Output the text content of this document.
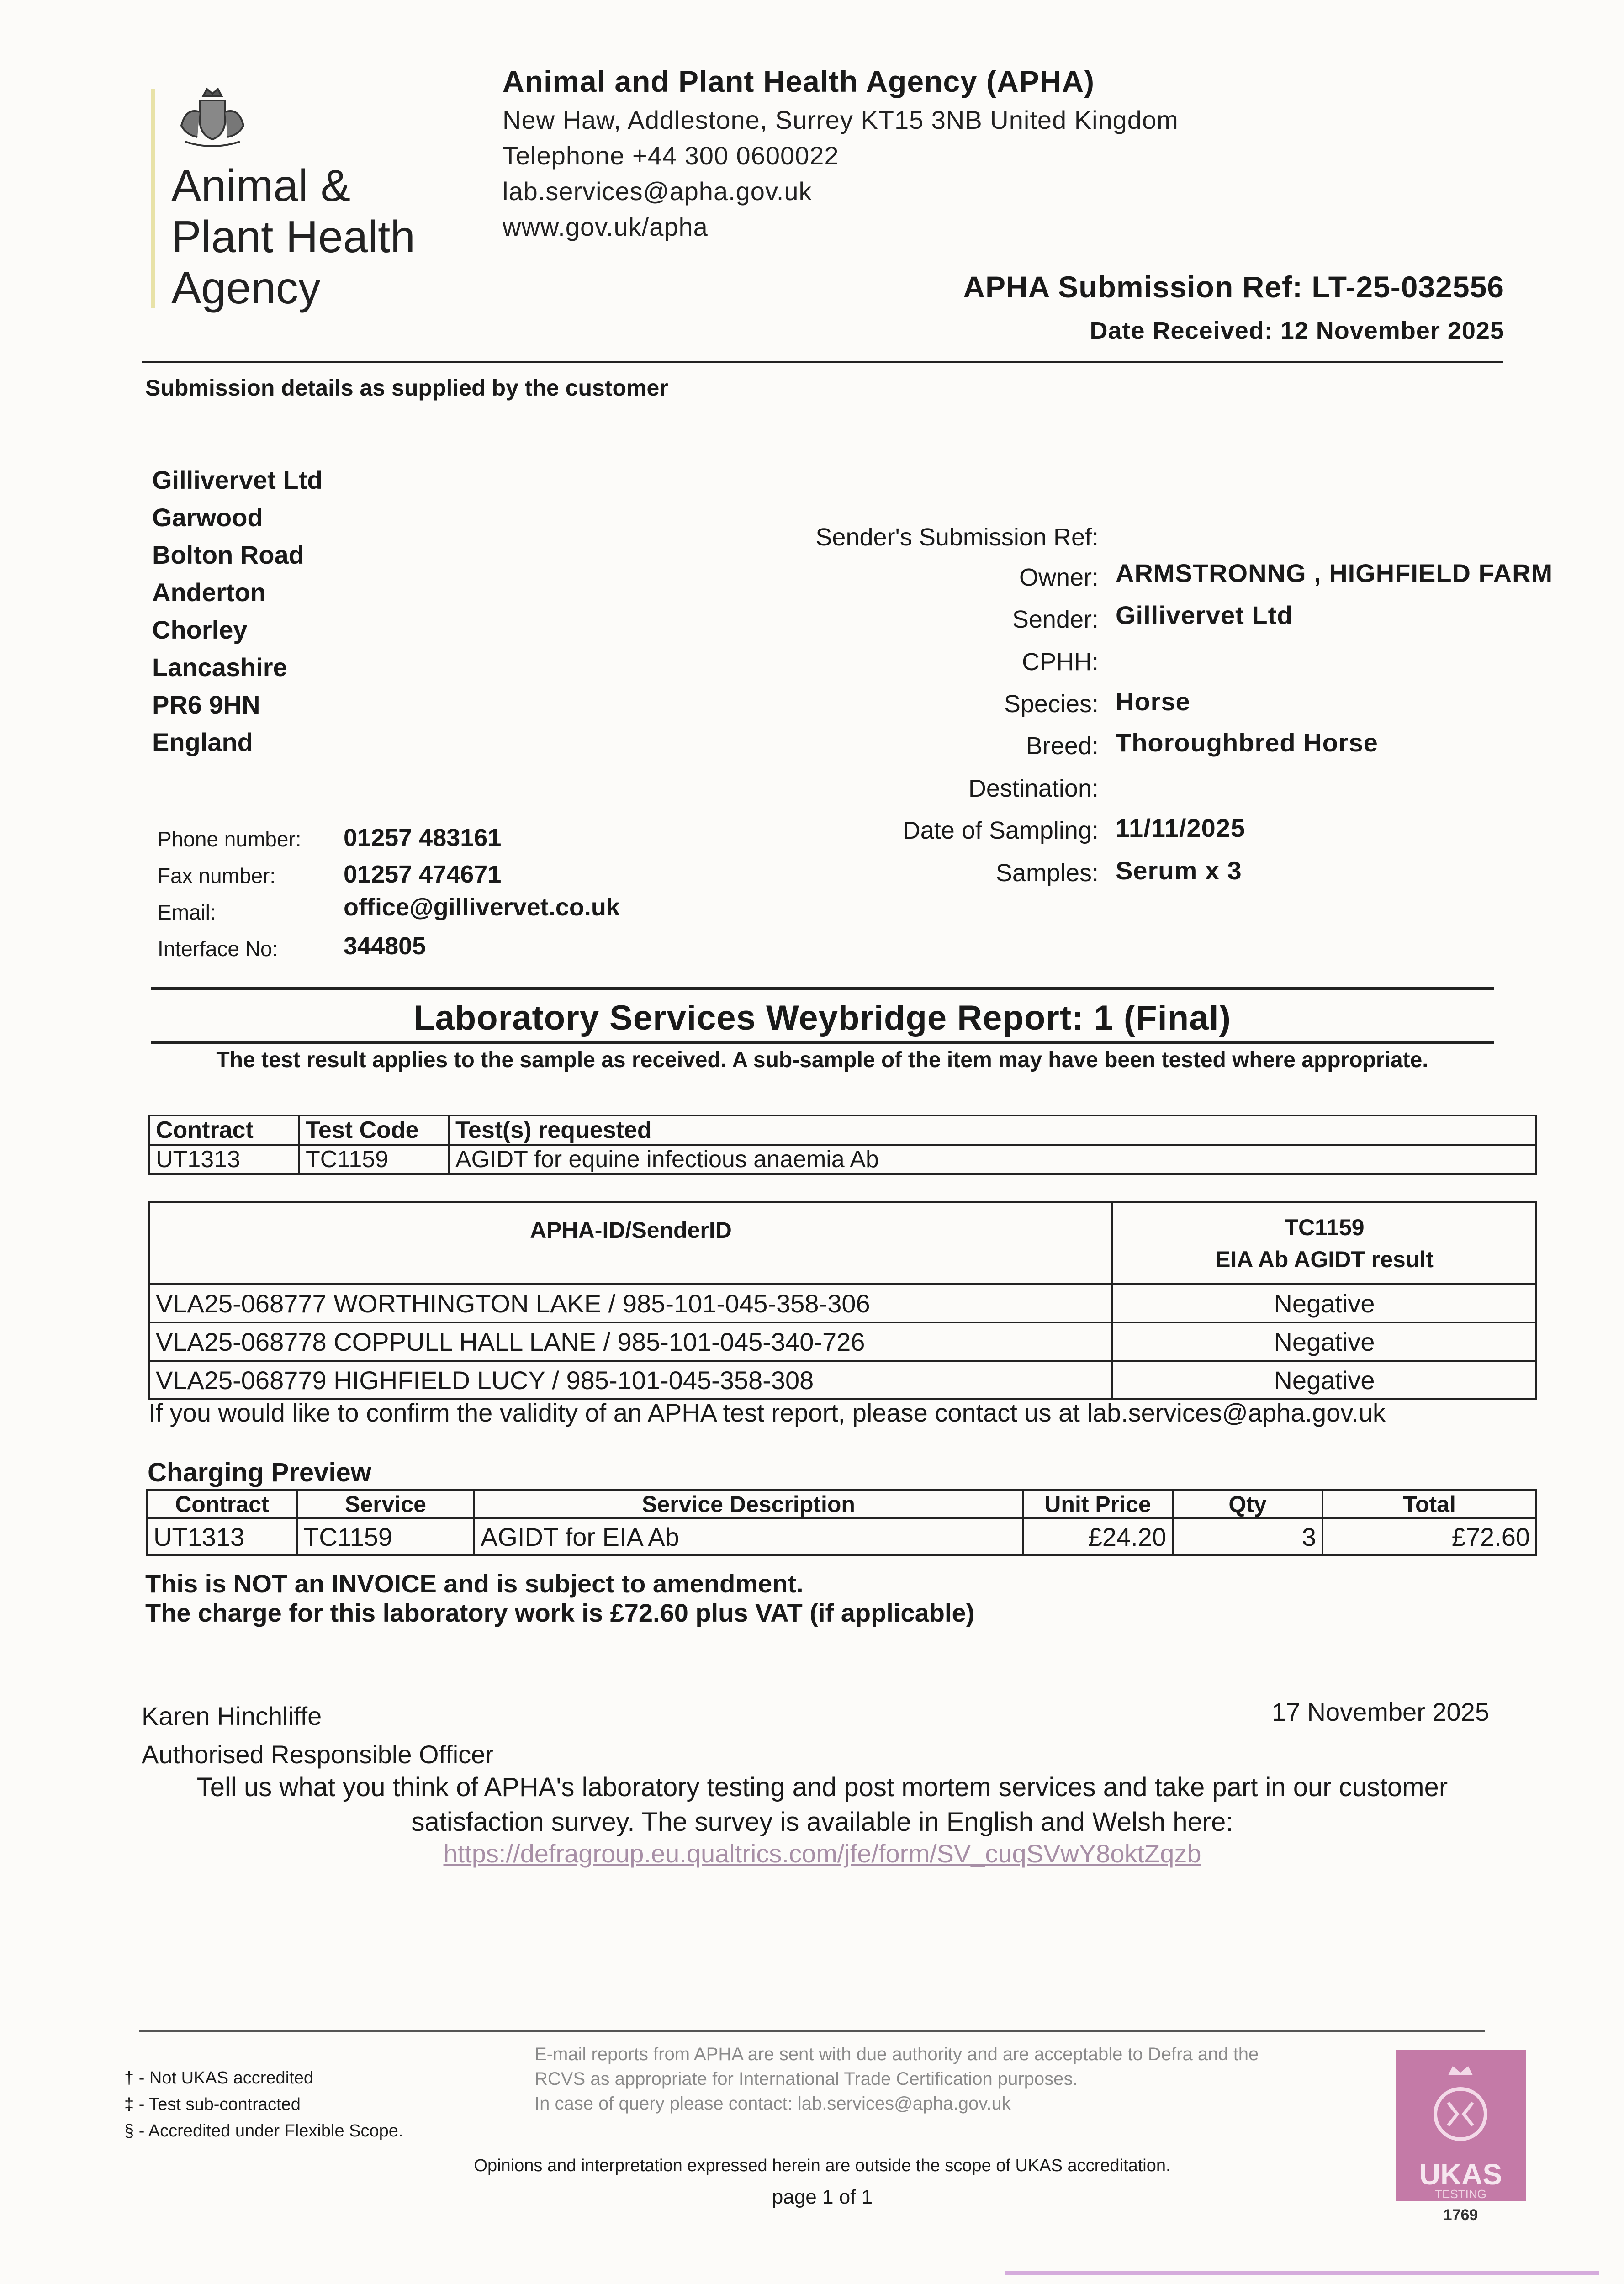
Animal &
Plant Health
Agency
Animal and Plant Health Agency (APHA)
New Haw, Addlestone, Surrey KT15 3NB United Kingdom
Telephone +44 300 0600022
lab.services@apha.gov.uk
www.gov.uk/apha
APHA Submission Ref: LT-25-032556
Date Received: 12 November 2025
Submission details as supplied by the customer
Gillivervet Ltd
Garwood
Bolton Road
Anderton
Chorley
Lancashire
PR6 9HN
England
Phone number: 01257 483161
Fax number:	01257 474671
Email:	office@gillivervet.co.uk
Interface No:	344805
Sender's Submission Ref:
Owner: ARMSTRONNG , HIGHFIELD FARM
Sender: Gillivervet Ltd
CPHH:
Species: Horse
Breed: Thoroughbred Horse
Destination:
Date of Sampling: 11/11/2025
Samples: Serum x 3
Laboratory Services Weybridge Report: 1 (Final)
The test result applies to the sample as received. A sub-sample of the item may have been tested where appropriate.
Contract	Test Code	Test(s) requested
UT1313	TC1159	AGIDT for equine infectious anaemia Ab
APHA-ID/SenderID	TC1159
EIA Ab AGIDT result

VLA25-068777 WORTHINGTON LAKE / 985-101-045-358-306	Negative
VLA25-068778 COPPULL HALL LANE / 985-101-045-340-726	Negative
VLA25-068779 HIGHFIELD LUCY / 985-101-045-358-308	Negative
If you would like to confirm the validity of an APHA test report, please contact us at lab.services@apha.gov.uk
Charging Preview
Contract	Service	Service Description	Unit Price	Qty	Total
UT1313	TC1159	AGIDT for EIA Ab	£24.20	3	£72.60
This is NOT an INVOICE and is subject to amendment.
The charge for this laboratory work is £72.60 plus VAT (if applicable)
Karen Hinchliffe
Authorised Responsible Officer
17 November 2025
Tell us what you think of APHA's laboratory testing and post mortem services and take part in our customer satisfaction survey. The survey is available in English and Welsh here:
https://defragroup.eu.qualtrics.com/jfe/form/SV_cuqSVwY8oktZqzb
† - Not UKAS accredited
‡ - Test sub-contracted
§ - Accredited under Flexible Scope.
E-mail reports from APHA are sent with due authority and are acceptable to Defra and the RCVS as appropriate for International Trade Certification purposes.
In case of query please contact: lab.services@apha.gov.uk
Opinions and interpretation expressed herein are outside the scope of UKAS accreditation.
page 1 of 1
UKAS
TESTING
1769
